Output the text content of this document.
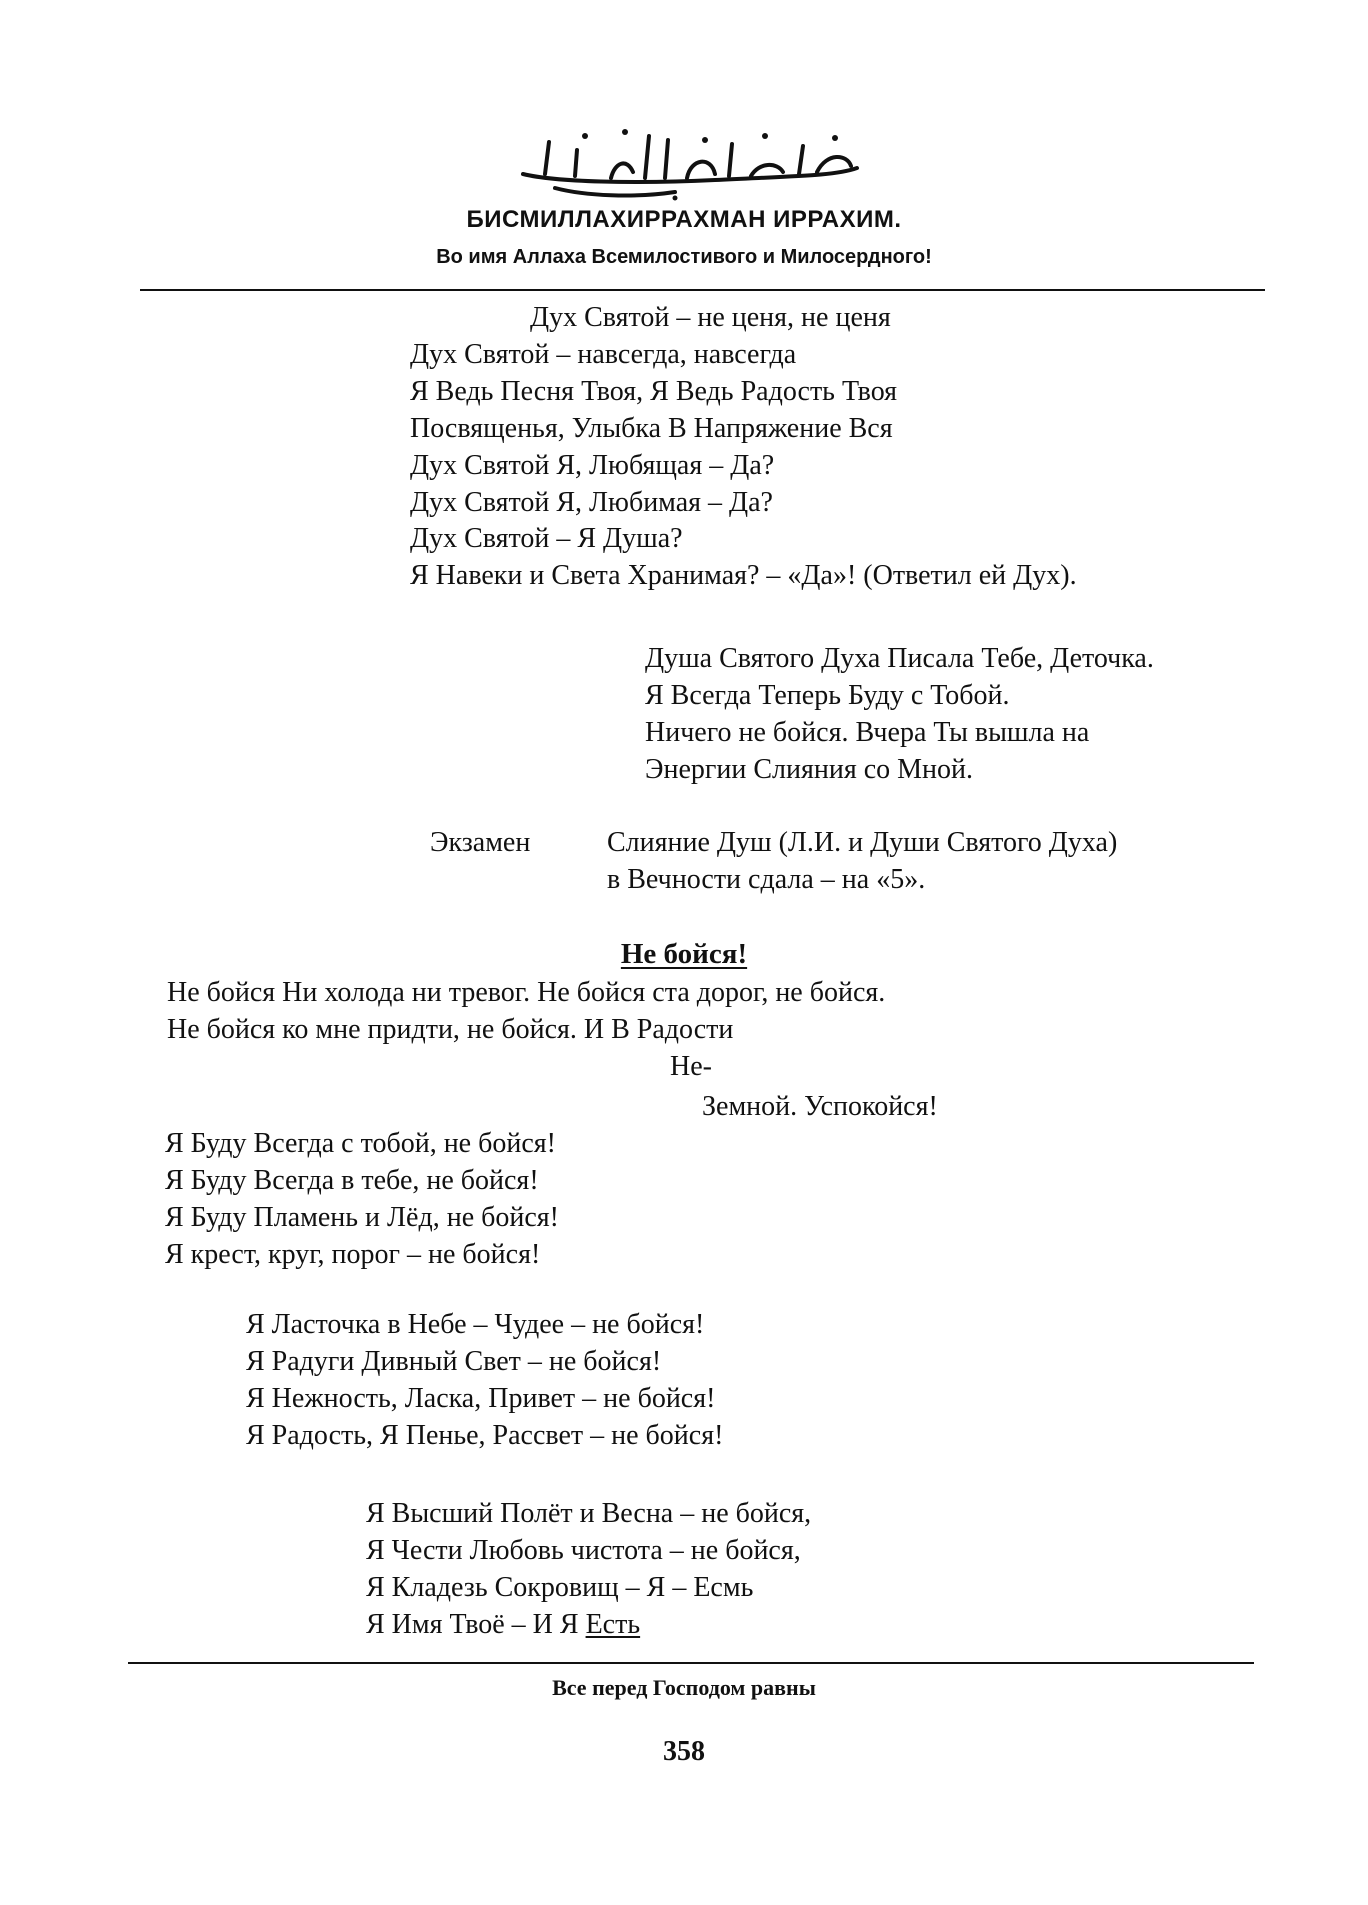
БИСМИЛЛАХИРРАХМАН ИРРАХИМ.
Во имя Аллаха Всемилостивого и Милосердного!
Дух Святой – не ценя, не ценя
Дух Святой – навсегда, навсегда
Я Ведь Песня Твоя, Я Ведь Радость Твоя
Посвященья, Улыбка В Напряжение Вся
Дух Святой Я, Любящая – Да?
Дух Святой Я, Любимая – Да?
Дух Святой – Я Душа?
Я Навеки и Света Хранимая? – «Да»! (Ответил ей Дух).
Душа Святого Духа Писала Тебе, Деточка.
Я Всегда Теперь Буду с Тобой.
Ничего не бойся. Вчера Ты вышла на
Энергии Слияния со Мной.
Экзамен	Слияние Душ (Л.И. и Души Святого Духа)
в Вечности сдала – на «5».
Не бойся!
Не бойся Ни холода ни тревог. Не бойся ста дорог, не бойся.
Не бойся ко мне придти, не бойся. И В Радости
Не-
Земной. Успокойся!
Я Буду Всегда с тобой, не бойся!
Я Буду Всегда в тебе, не бойся!
Я Буду Пламень и Лёд, не бойся!
Я крест, круг, порог – не бойся!
Я Ласточка в Небе – Чудее – не бойся!
Я Радуги Дивный Свет – не бойся!
Я Нежность, Ласка, Привет – не бойся!
Я Радость, Я Пенье, Рассвет – не бойся!
Я Высший Полёт и Весна – не бойся,
Я Чести Любовь чистота – не бойся,
Я Кладезь Сокровищ – Я – Есмь
Я Имя Твоё – И Я Есть
Все перед Господом равны
358
